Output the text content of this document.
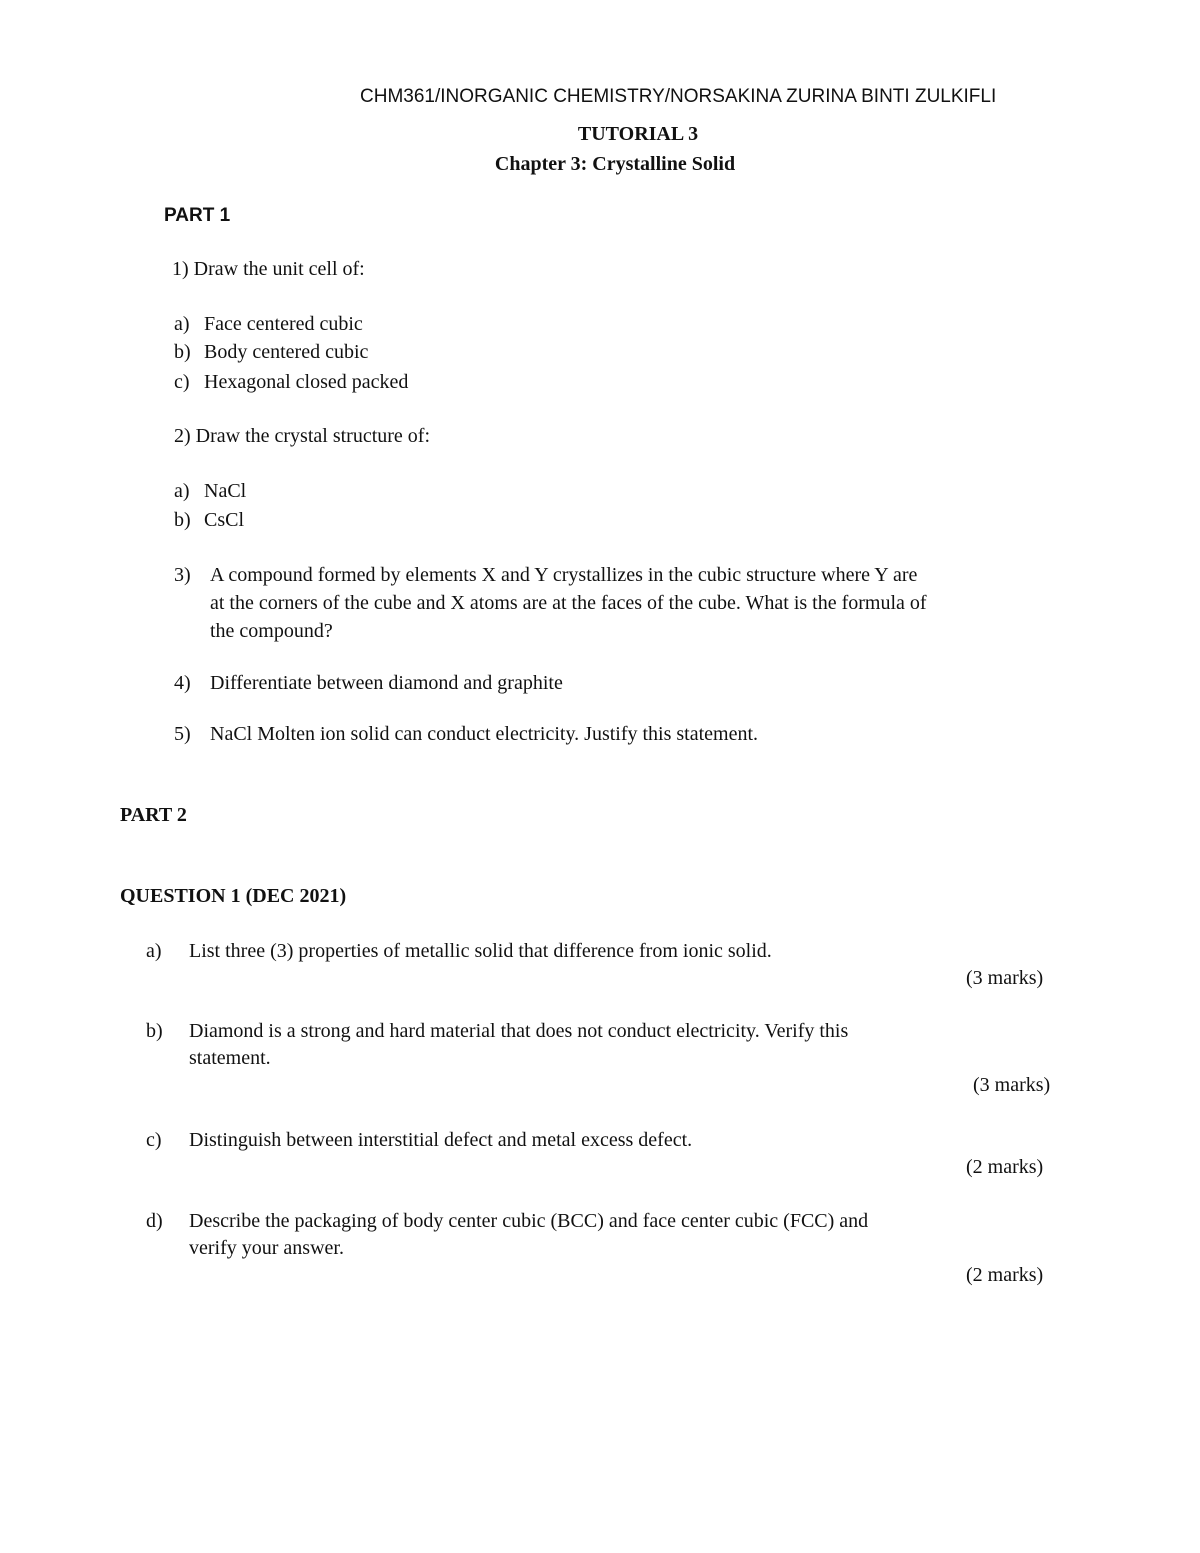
CHM361/INORGANIC CHEMISTRY/NORSAKINA ZURINA BINTI ZULKIFLI
TUTORIAL 3
Chapter 3: Crystalline Solid
PART 1
1) Draw the unit cell of:
a) Face centered cubic
b) Body centered cubic
c) Hexagonal closed packed
2) Draw the crystal structure of:
a) NaCl
b) CsCl
3) A compound formed by elements X and Y crystallizes in the cubic structure where Y are
at the corners of the cube and X atoms are at the faces of the cube. What is the formula of
the compound?
4) Differentiate between diamond and graphite
5) NaCl Molten ion solid can conduct electricity. Justify this statement.
PART 2
QUESTION 1 (DEC 2021)
a) List three (3) properties of metallic solid that difference from ionic solid.
(3 marks)
b) Diamond is a strong and hard material that does not conduct electricity. Verify this
statement.
(3 marks)
c) Distinguish between interstitial defect and metal excess defect.
(2 marks)
d) Describe the packaging of body center cubic (BCC) and face center cubic (FCC) and
verify your answer.
(2 marks)
